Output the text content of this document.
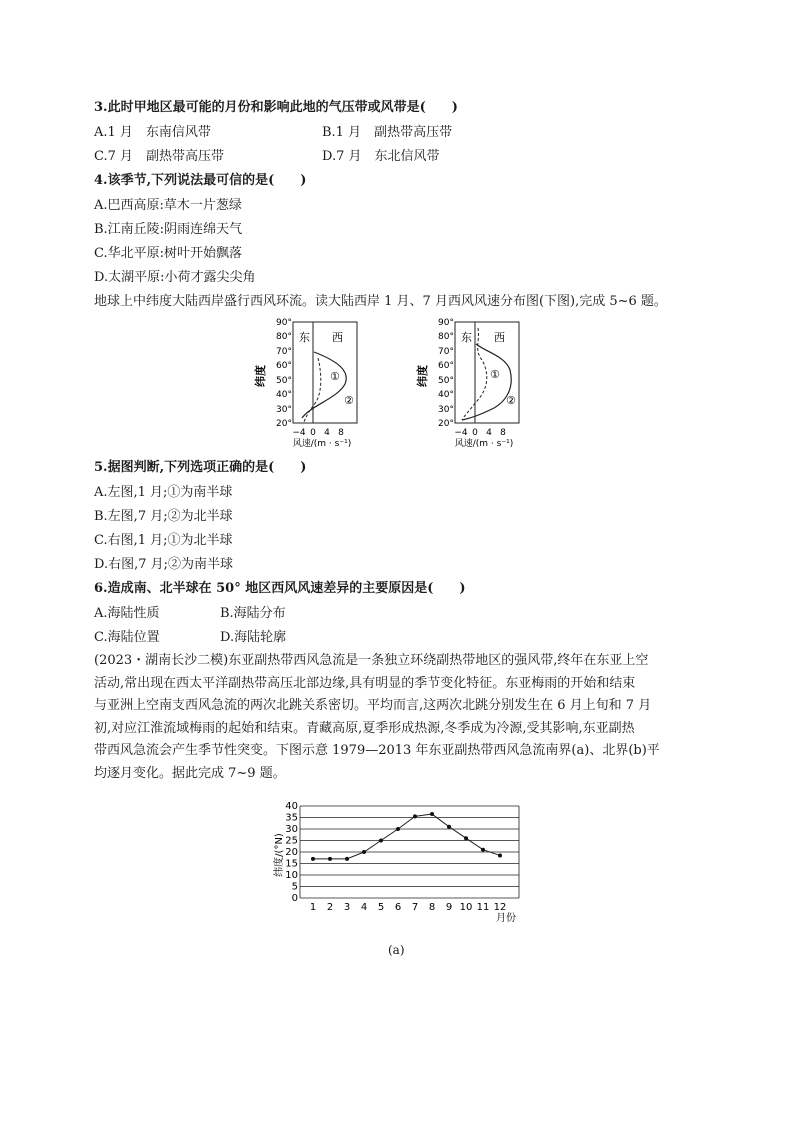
3.此时甲地区最可能的月份和影响此地的气压带或风带是(　　)
A.1 月　东南信风带	B.1 月　副热带高压带
C.7 月　副热带高压带	D.7 月　东北信风带
4.该季节,下列说法最可信的是(　　)
A.巴西高原:草木一片葱绿
B.江南丘陵:阴雨连绵天气
C.华北平原:树叶开始飘落
D.太湖平原:小荷才露尖尖角
地球上中纬度大陆西岸盛行西风环流。读大陆西岸 1 月、7 月西风风速分布图(下图),完成 5~6 题。
东 西
90°
80°
70°
60°
50°
40°
30°
20°
纬度
−4 0 4 8
风速/(m · s⁻¹)
①
②
东 西
90°
80°
70°
60°
50°
40°
30°
20°
纬度
−4 0 4 8
风速/(m · s⁻¹)
①
②
5.据图判断,下列选项正确的是(　　)
A.左图,1 月;①为南半球
B.左图,7 月;②为北半球
C.右图,1 月;①为北半球
D.右图,7 月;②为南半球
6.造成南、北半球在 50° 地区西风风速差异的主要原因是(　　)
A.海陆性质	B.海陆分布
C.海陆位置	D.海陆轮廓
(2023・湖南长沙二模)东亚副热带西风急流是一条独立环绕副热带地区的强风带,终年在东亚上空
活动,常出现在西太平洋副热带高压北部边缘,具有明显的季节变化特征。东亚梅雨的开始和结束
与亚洲上空南支西风急流的两次北跳关系密切。平均而言,这两次北跳分别发生在 6 月上旬和 7 月
初,对应江淮流域梅雨的起始和结束。青藏高原,夏季形成热源,冬季成为冷源,受其影响,东亚副热
带西风急流会产生季节性突变。下图示意 1979—2013 年东亚副热带西风急流南界(a)、北界(b)平
均逐月变化。据此完成 7~9 题。
0
5
10
15
20
25
30
35
40
1 2 3 4 5 6 7 8 9 10 11 12
纬度/(°N)
月份
(a)
